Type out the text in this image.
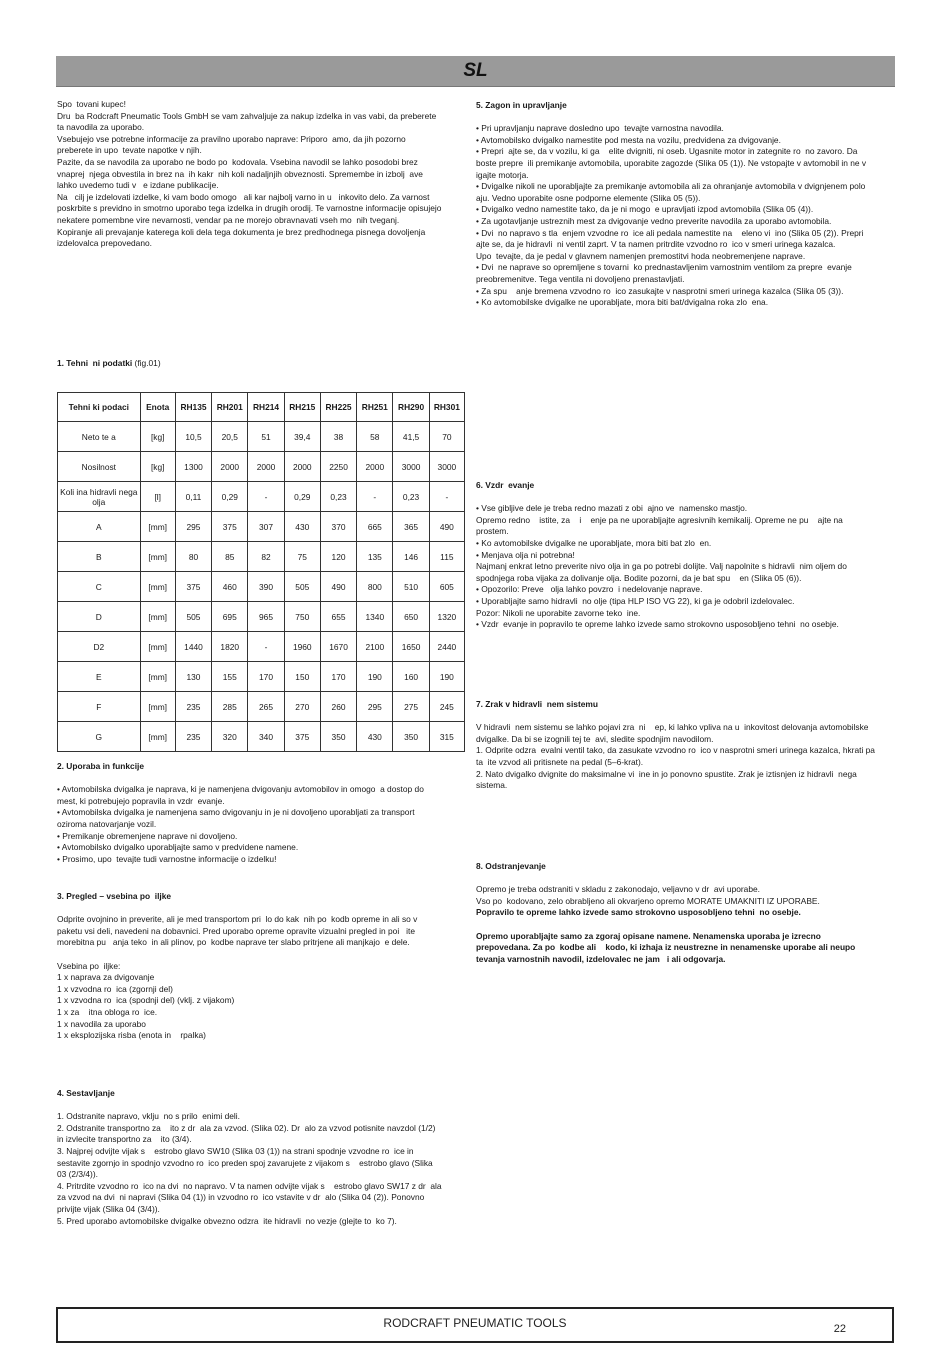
SL

Spo  tovani kupec!

Dru  ba Rodcraft Pneumatic Tools GmbH se vam zahvaljuje za nakup izdelka in vas vabi, da preberete ta navodila za uporabo.

Vsebujejo vse potrebne informacije za pravilno uporabo naprave: Priporo  amo, da jih pozorno preberete in upo  tevate napotke v njih.

Pazite, da se navodila za uporabo ne bodo po  kodovala. Vsebina navodil se lahko posodobi brez vnaprej  njega obvestila in brez na  ih kakr  nih koli nadaljnjih obveznosti. Spremembe in izbolj  ave lahko uvedemo tudi v   e izdane publikacije.

Na   cilj je izdelovati izdelke, ki vam bodo omogo   ali kar najbolj varno in u   inkovito delo. Za varnost poskrbite s previdno in smotrno uporabo tega izdelka in drugih orodij. Te varnostne informacije opisujejo nekatere pomembne vire nevarnosti, vendar pa ne morejo obravnavati vseh mo  nih tveganj.

Kopiranje ali prevajanje katerega koli dela tega dokumenta je brez predhodnega pisnega dovoljenja izdelovalca prepovedano.

1. Tehni  ni podatki (fig.01)

Tehni ki podaci	Enota	RH135	RH201	RH214	RH215	RH225	RH251	RH290	RH301
Neto te a	[kg]	10,5	20,5	51	39,4	38	58	41,5	70
Nosilnost	[kg]	1300	2000	2000	2000	2250	2000	3000	3000
Koli ina hidravli nega olja	[l]	0,11	0,29	-	0,29	0,23	-	0,23	-
A	[mm]	295	375	307	430	370	665	365	490
B	[mm]	80	85	82	75	120	135	146	115
C	[mm]	375	460	390	505	490	800	510	605
D	[mm]	505	695	965	750	655	1340	650	1320
D2	[mm]	1440	1820	-	1960	1670	2100	1650	2440
E	[mm]	130	155	170	150	170	190	160	190
F	[mm]	235	285	265	270	260	295	275	245
G	[mm]	235	320	340	375	350	430	350	315

2. Uporaba in funkcije

• Avtomobilska dvigalka je naprava, ki je namenjena dvigovanju avtomobilov in omogo  a dostop do mest, ki potrebujejo popravila in vzdr  evanje.

• Avtomobilska dvigalka je namenjena samo dvigovanju in je ni dovoljeno uporabljati za transport oziroma natovarjanje vozil.

• Premikanje obremenjene naprave ni dovoljeno.

• Avtomobilsko dvigalko uporabljajte samo v predvidene namene.

• Prosimo, upo  tevajte tudi varnostne informacije o izdelku!

3. Pregled – vsebina po  iljke

Odprite ovojnino in preverite, ali je med transportom pri  lo do kak  nih po  kodb opreme in ali so v paketu vsi deli, navedeni na dobavnici. Pred uporabo opreme opravite vizualni pregled in poi   ite morebitna pu   anja teko  in ali plinov, po  kodbe naprave ter slabo pritrjene ali manjkajo  e dele.

Vsebina po  iljke:

1 x naprava za dvigovanje

1 x vzvodna ro  ica (zgornji del)

1 x vzvodna ro  ica (spodnji del) (vklj. z vijakom)

1 x za    itna obloga ro  ice.

1 x navodila za uporabo

1 x eksplozijska risba (enota in    rpalka)

4. Sestavljanje

1. Odstranite napravo, vklju  no s prilo  enimi deli.

2. Odstranite transportno za    ito z dr  ala za vzvod. (Slika 02). Dr  alo za vzvod potisnite navzdol (1/2) in izvlecite transportno za    ito (3/4).

3. Najprej odvijte vijak s    estrobo glavo SW10 (Slika 03 (1)) na strani spodnje vzvodne ro  ice in sestavite zgornjo in spodnjo vzvodno ro  ico preden spoj zavarujete z vijakom s    estrobo glavo (Slika 03 (2/3/4)).

4. Pritrdite vzvodno ro  ico na dvi  no napravo. V ta namen odvijte vijak s    estrobo glavo SW17 z dr  ala za vzvod na dvi  ni napravi (Slika 04 (1)) in vzvodno ro  ico vstavite v dr  alo (Slika 04 (2)). Ponovno privijte vijak (Slika 04 (3/4)).

5. Pred uporabo avtomobilske dvigalke obvezno odzra  ite hidravli  no vezje (glejte to  ko 7).

5. Zagon in upravljanje

• Pri upravljanju naprave dosledno upo  tevajte varnostna navodila.

• Avtomobilsko dvigalko namestite pod mesta na vozilu, predvidena za dvigovanje.

• Prepri  ajte se, da v vozilu, ki ga    elite dvigniti, ni oseb. Ugasnite motor in zategnite ro  no zavoro. Da boste prepre  ili premikanje avtomobila, uporabite zagozde (Slika 05 (1)). Ne vstopajte v avtomobil in ne v  igajte motorja.

• Dvigalke nikoli ne uporabljajte za premikanje avtomobila ali za ohranjanje avtomobila v dvignjenem polo  aju. Vedno uporabite osne podporne elemente (Slika 05 (5)).

• Dvigalko vedno namestite tako, da je ni mogo  e upravljati izpod avtomobila (Slika 05 (4)).

• Za ugotavljanje ustreznih mest za dvigovanje vedno preverite navodila za uporabo avtomobila.

• Dvi  no napravo s tla  enjem vzvodne ro  ice ali pedala namestite na    eleno vi  ino (Slika 05 (2)). Prepri  ajte se, da je hidravli  ni ventil zaprt. V ta namen pritrdite vzvodno ro  ico v smeri urinega kazalca.

Upo  tevajte, da je pedal v glavnem namenjen premostitvi hoda neobremenjene naprave.

• Dvi  ne naprave so opremljene s tovarni  ko prednastavljenim varnostnim ventilom za prepre  evanje preobremenitve. Tega ventila ni dovoljeno prenastavljati.

• Za spu    anje bremena vzvodno ro  ico zasukajte v nasprotni smeri urinega kazalca (Slika 05 (3)).

• Ko avtomobilske dvigalke ne uporabljate, mora biti bat/dvigalna roka zlo  ena.

6. Vzdr  evanje

• Vse gibljive dele je treba redno mazati z obi  ajno ve  namensko mastjo.

Opremo redno    istite, za    i    enje pa ne uporabljajte agresivnih kemikalij. Opreme ne pu    ajte na prostem.

• Ko avtomobilske dvigalke ne uporabljate, mora biti bat zlo  en.

• Menjava olja ni potrebna!

Najmanj enkrat letno preverite nivo olja in ga po potrebi dolijte. Valj napolnite s hidravli  nim oljem do spodnjega roba vijaka za dolivanje olja. Bodite pozorni, da je bat spu    en (Slika 05 (6)).

• Opozorilo: Preve   olja lahko povzro  i nedelovanje naprave.

• Uporabljajte samo hidravli  no olje (tipa HLP ISO VG 22), ki ga je odobril izdelovalec.

Pozor: Nikoli ne uporabite zavorne teko  ine.

• Vzdr  evanje in popravilo te opreme lahko izvede samo strokovno usposobljeno tehni  no osebje.

7. Zrak v hidravli  nem sistemu

V hidravli  nem sistemu se lahko pojavi zra  ni    ep, ki lahko vpliva na u  inkovitost delovanja avtomobilske dvigalke. Da bi se izognili tej te  avi, sledite spodnjim navodilom.

1. Odprite odzra  evalni ventil tako, da zasukate vzvodno ro  ico v nasprotni smeri urinega kazalca, hkrati pa ta  ite vzvod ali pritisnete na pedal (5–6-krat).

2. Nato dvigalko dvignite do maksimalne vi  ine in jo ponovno spustite. Zrak je iztisnjen iz hidravli  nega sistema.

8. Odstranjevanje

Opremo je treba odstraniti v skladu z zakonodajo, veljavno v dr  avi uporabe.
Vso po  kodovano, zelo obrabljeno ali okvarjeno opremo MORATE UMAKNITI IZ UPORABE.

Popravilo te opreme lahko izvede samo strokovno usposobljeno tehni  no osebje.

Opremo uporabljajte samo za zgoraj opisane namene. Nenamenska uporaba je izrecno prepovedana. Za po  kodbe ali    kodo, ki izhaja iz neustrezne in nenamenske uporabe ali neupo  tevanja varnostnih navodil, izdelovalec ne jam   i ali odgovarja.

RODCRAFT PNEUMATIC TOOLS	22
